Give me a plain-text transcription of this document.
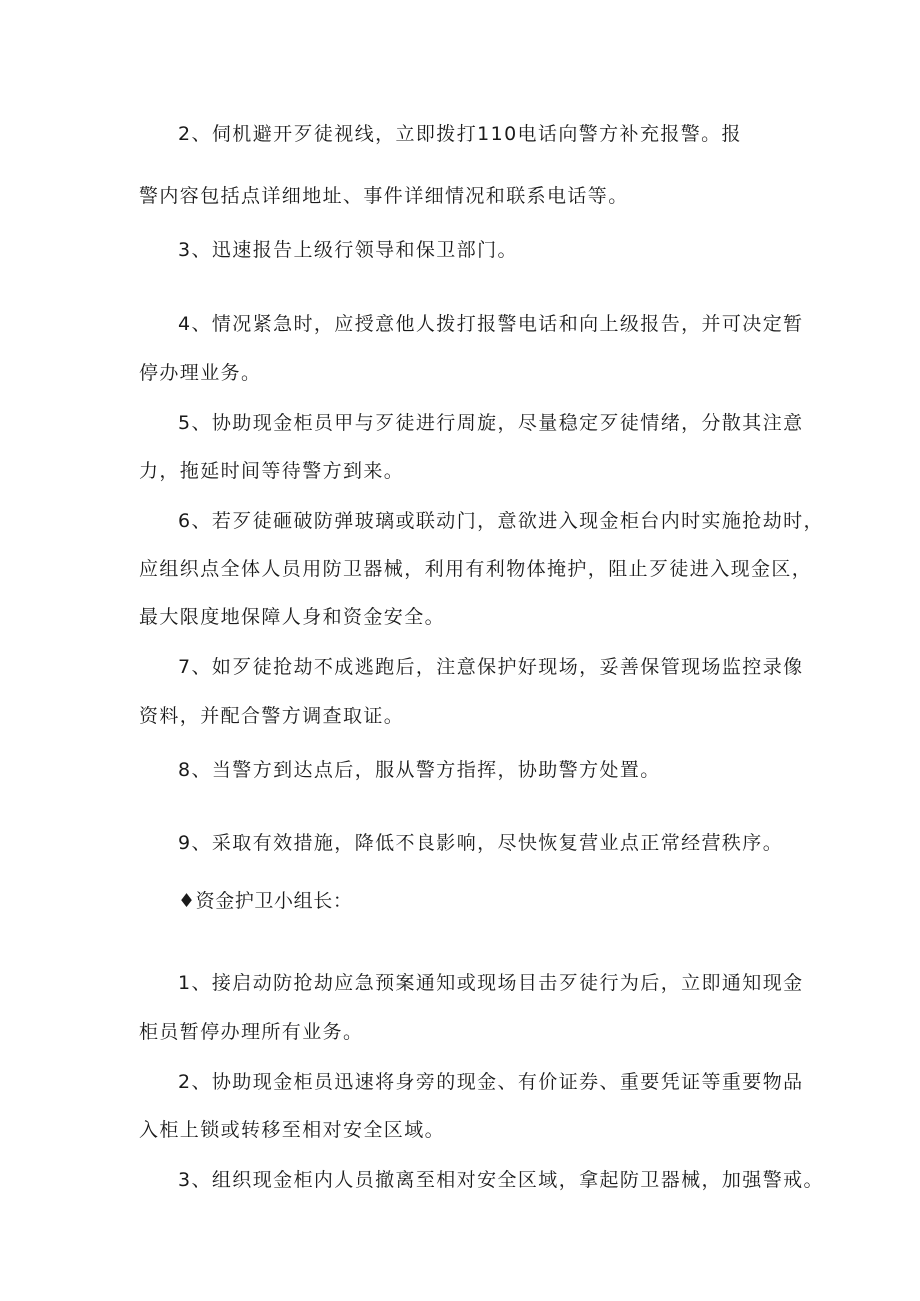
2、伺机避开歹徒视线，立即拨打110电话向警方补充报警。报
警内容包括点详细地址、事件详细情况和联系电话等。
3、迅速报告上级行领导和保卫部门。
4、情况紧急时，应授意他人拨打报警电话和向上级报告，并可决定暂
停办理业务。
5、协助现金柜员甲与歹徒进行周旋，尽量稳定歹徒情绪，分散其注意
力，拖延时间等待警方到来。
6、若歹徒砸破防弹玻璃或联动门，意欲进入现金柜台内时实施抢劫时，
应组织点全体人员用防卫器械，利用有利物体掩护，阻止歹徒进入现金区，
最大限度地保障人身和资金安全。
7、如歹徒抢劫不成逃跑后，注意保护好现场，妥善保管现场监控录像
资料，并配合警方调查取证。
8、当警方到达点后，服从警方指挥，协助警方处置。
9、采取有效措施，降低不良影响，尽快恢复营业点正常经营秩序。
♦资金护卫小组长：
1、接启动防抢劫应急预案通知或现场目击歹徒行为后，立即通知现金
柜员暂停办理所有业务。
2、协助现金柜员迅速将身旁的现金、有价证券、重要凭证等重要物品
入柜上锁或转移至相对安全区域。
3、组织现金柜内人员撤离至相对安全区域，拿起防卫器械，加强警戒。
